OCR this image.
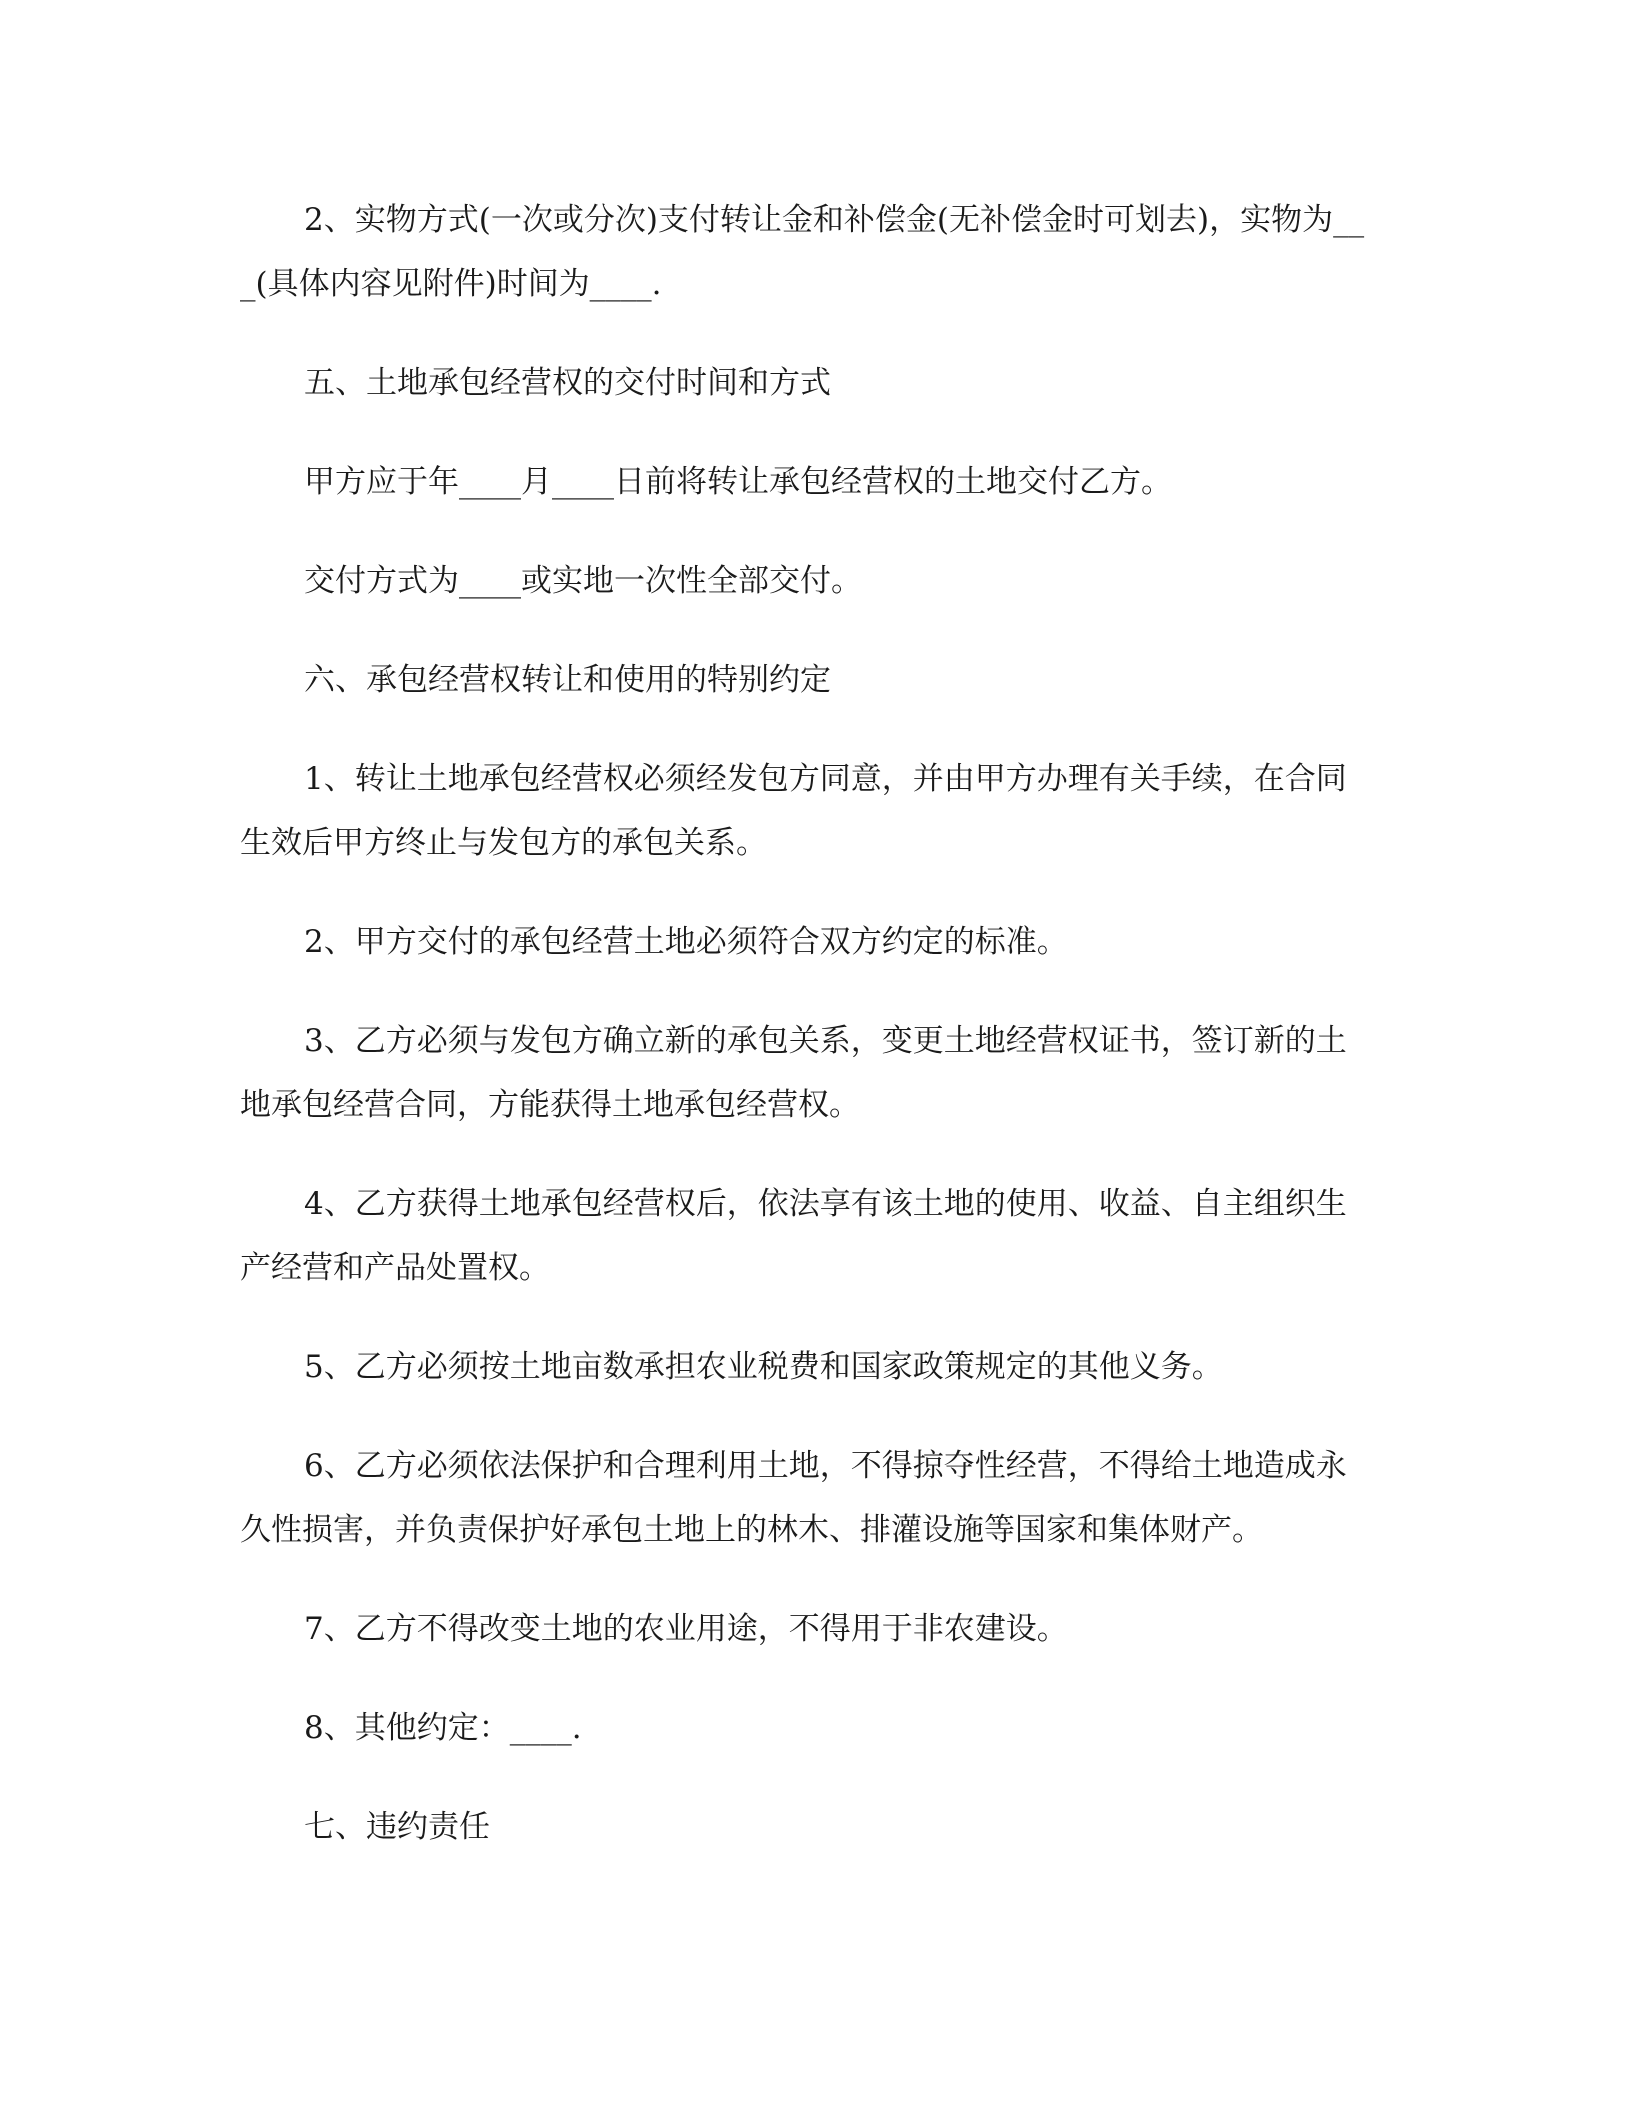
2、实物方式(一次或分次)支付转让金和补偿金(无补偿金时可划去)，实物为___(具体内容见附件)时间为____.

五、土地承包经营权的交付时间和方式

甲方应于年____月____日前将转让承包经营权的土地交付乙方。

交付方式为____或实地一次性全部交付。

六、承包经营权转让和使用的特别约定

1、转让土地承包经营权必须经发包方同意，并由甲方办理有关手续，在合同生效后甲方终止与发包方的承包关系。

2、甲方交付的承包经营土地必须符合双方约定的标准。

3、乙方必须与发包方确立新的承包关系，变更土地经营权证书，签订新的土地承包经营合同，方能获得土地承包经营权。

4、乙方获得土地承包经营权后，依法享有该土地的使用、收益、自主组织生产经营和产品处置权。

5、乙方必须按土地亩数承担农业税费和国家政策规定的其他义务。

6、乙方必须依法保护和合理利用土地，不得掠夺性经营，不得给土地造成永久性损害，并负责保护好承包土地上的林木、排灌设施等国家和集体财产。

7、乙方不得改变土地的农业用途，不得用于非农建设。

8、其他约定：____.

七、违约责任
